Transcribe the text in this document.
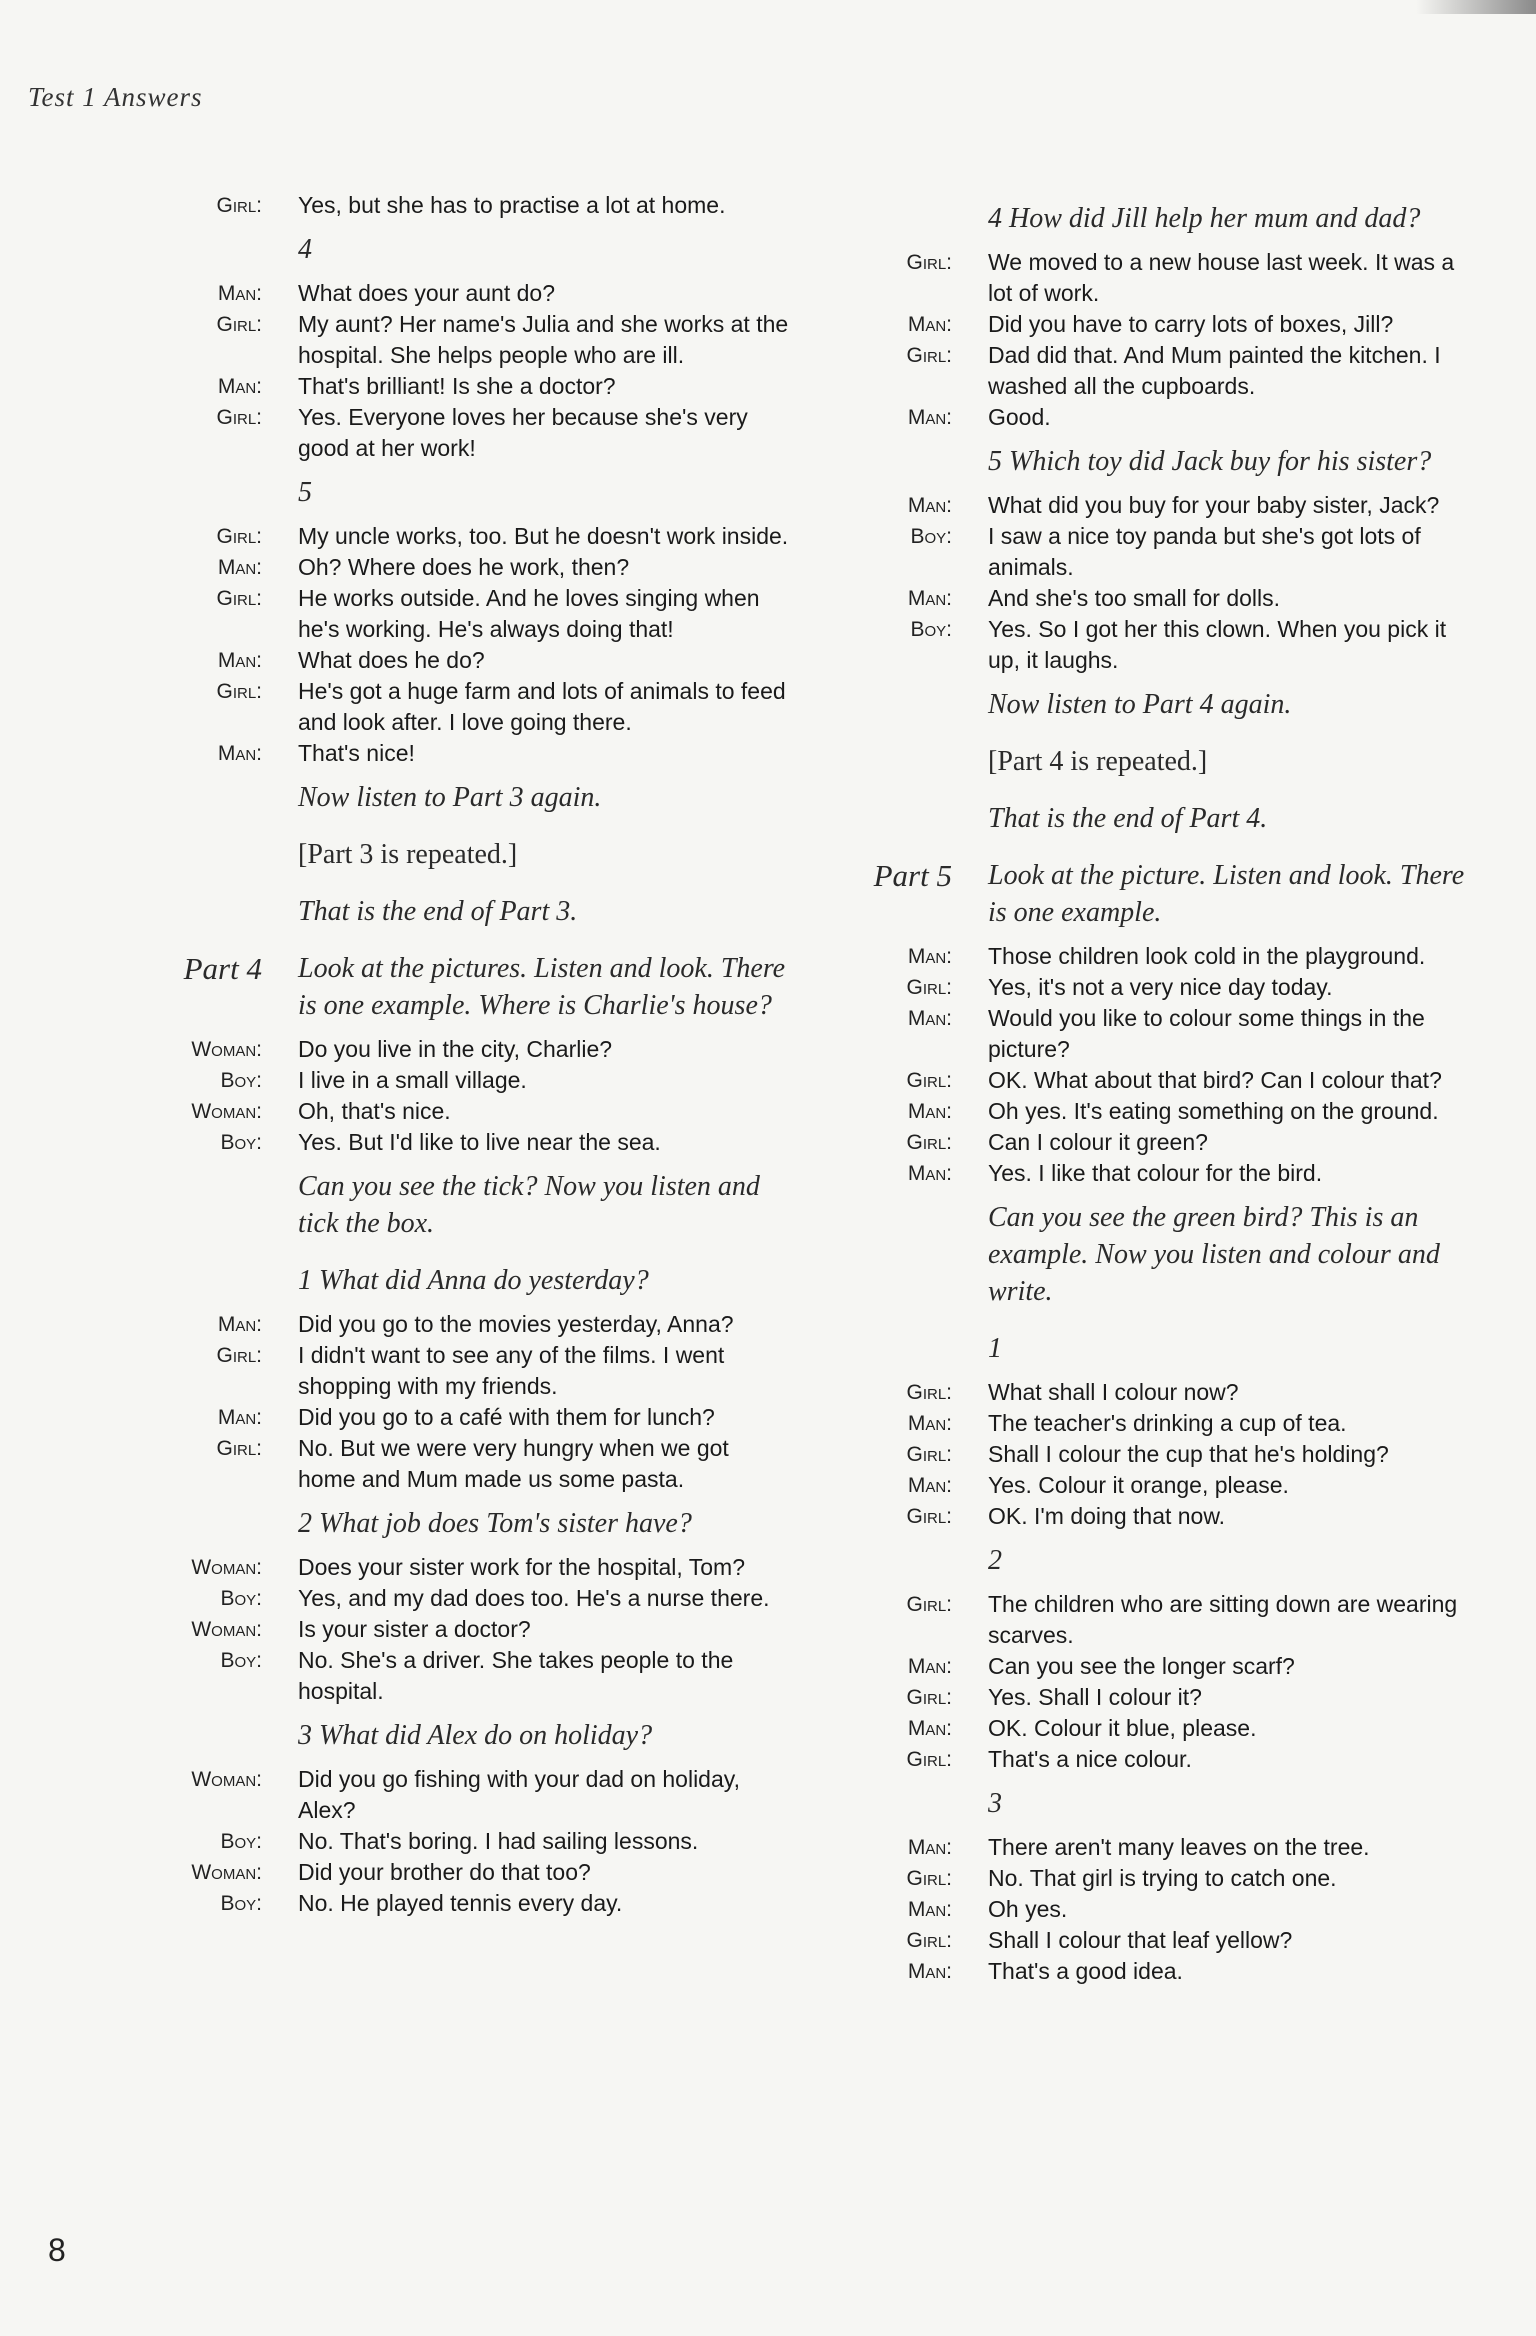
Test 1 Answers
Girl:	Yes, but she has to practise a lot at home.
4
Man:	What does your aunt do?
Girl:	My aunt? Her name's Julia and she works at the hospital. She helps people who are ill.
Man:	That's brilliant! Is she a doctor?
Girl:	Yes. Everyone loves her because she's very good at her work!
5
Girl:	My uncle works, too. But he doesn't work inside.
Man:	Oh? Where does he work, then?
Girl:	He works outside. And he loves singing when he's working. He's always doing that!
Man:	What does he do?
Girl:	He's got a huge farm and lots of animals to feed and look after. I love going there.
Man:	That's nice!
Now listen to Part 3 again.
[Part 3 is repeated.]
That is the end of Part 3.
Part 4	Look at the pictures. Listen and look. There is one example. Where is Charlie's house?
Woman:	Do you live in the city, Charlie?
Boy:	I live in a small village.
Woman:	Oh, that's nice.
Boy:	Yes. But I'd like to live near the sea.
Can you see the tick? Now you listen and tick the box.
1 What did Anna do yesterday?
Man:	Did you go to the movies yesterday, Anna?
Girl:	I didn't want to see any of the films. I went shopping with my friends.
Man:	Did you go to a café with them for lunch?
Girl:	No. But we were very hungry when we got home and Mum made us some pasta.
2 What job does Tom's sister have?
Woman:	Does your sister work for the hospital, Tom?
Boy:	Yes, and my dad does too. He's a nurse there.
Woman:	Is your sister a doctor?
Boy:	No. She's a driver. She takes people to the hospital.
3 What did Alex do on holiday?
Woman:	Did you go fishing with your dad on holiday, Alex?
Boy:	No. That's boring. I had sailing lessons.
Woman:	Did your brother do that too?
Boy:	No. He played tennis every day.
4 How did Jill help her mum and dad?
Girl:	We moved to a new house last week. It was a lot of work.
Man:	Did you have to carry lots of boxes, Jill?
Girl:	Dad did that. And Mum painted the kitchen. I washed all the cupboards.
Man:	Good.
5 Which toy did Jack buy for his sister?
Man:	What did you buy for your baby sister, Jack?
Boy:	I saw a nice toy panda but she's got lots of animals.
Man:	And she's too small for dolls.
Boy:	Yes. So I got her this clown. When you pick it up, it laughs.
Now listen to Part 4 again.
[Part 4 is repeated.]
That is the end of Part 4.
Part 5	Look at the picture. Listen and look. There is one example.
Man:	Those children look cold in the playground.
Girl:	Yes, it's not a very nice day today.
Man:	Would you like to colour some things in the picture?
Girl:	OK. What about that bird? Can I colour that?
Man:	Oh yes. It's eating something on the ground.
Girl:	Can I colour it green?
Man:	Yes. I like that colour for the bird.
Can you see the green bird? This is an example. Now you listen and colour and write.
1
Girl:	What shall I colour now?
Man:	The teacher's drinking a cup of tea.
Girl:	Shall I colour the cup that he's holding?
Man:	Yes. Colour it orange, please.
Girl:	OK. I'm doing that now.
2
Girl:	The children who are sitting down are wearing scarves.
Man:	Can you see the longer scarf?
Girl:	Yes. Shall I colour it?
Man:	OK. Colour it blue, please.
Girl:	That's a nice colour.
3
Man:	There aren't many leaves on the tree.
Girl:	No. That girl is trying to catch one.
Man:	Oh yes.
Girl:	Shall I colour that leaf yellow?
Man:	That's a good idea.
8
